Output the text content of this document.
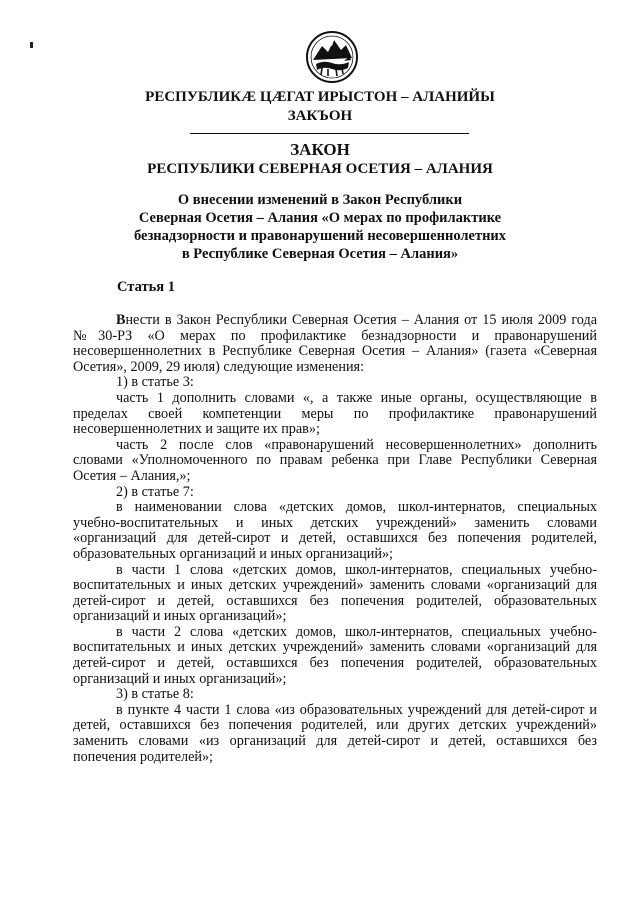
РЕСПУБЛИКÆ ЦÆГАТ ИРЫСТОН – АЛАНИЙЫ
ЗАКЪОН
ЗАКОН
РЕСПУБЛИКИ СЕВЕРНАЯ ОСЕТИЯ – АЛАНИЯ
О внесении изменений в Закон Республики
Северная Осетия – Алания «О мерах по профилактике
безнадзорности и правонарушений несовершеннолетних
в Республике Северная Осетия – Алания»
Статья 1

Внести в Закон Республики Северная Осетия – Алания от 15 июля 2009 года №30-РЗ «О мерах по профилактике безнадзорности и правонарушений несовершеннолетних в Республике Северная Осетия – Алания» (газета «Северная Осетия», 2009, 29 июля) следующие изменения:

1) в статье 3:

часть 1 дополнить словами «, а также иные органы, осуществляющие в пределах своей компетенции меры по профилактике правонарушений несовершеннолетних и защите их прав»;

часть 2 после слов «правонарушений несовершеннолетних» дополнить словами «Уполномоченного по правам ребенка при Главе Республики Северная Осетия – Алания,»;

2) в статье 7:

в наименовании слова «детских домов, школ-интернатов, специальных учебно-воспитательных и иных детских учреждений» заменить словами «организаций для детей-сирот и детей, оставшихся без попечения родителей, образовательных организаций и иных организаций»;

в части 1 слова «детских домов, школ-интернатов, специальных учебно-воспитательных и иных детских учреждений» заменить словами «организаций для детей-сирот и детей, оставшихся без попечения родителей, образовательных организаций и иных организаций»;

в части 2 слова «детских домов, школ-интернатов, специальных учебно-воспитательных и иных детских учреждений» заменить словами «организаций для детей-сирот и детей, оставшихся без попечения родителей, образовательных организаций и иных организаций»;

3) в статье 8:

в пункте 4 части 1 слова «из образовательных учреждений для детей-сирот и детей, оставшихся без попечения родителей, или других детских учреждений» заменить словами «из организаций для детей-сирот и детей, оставшихся без попечения родителей»;
